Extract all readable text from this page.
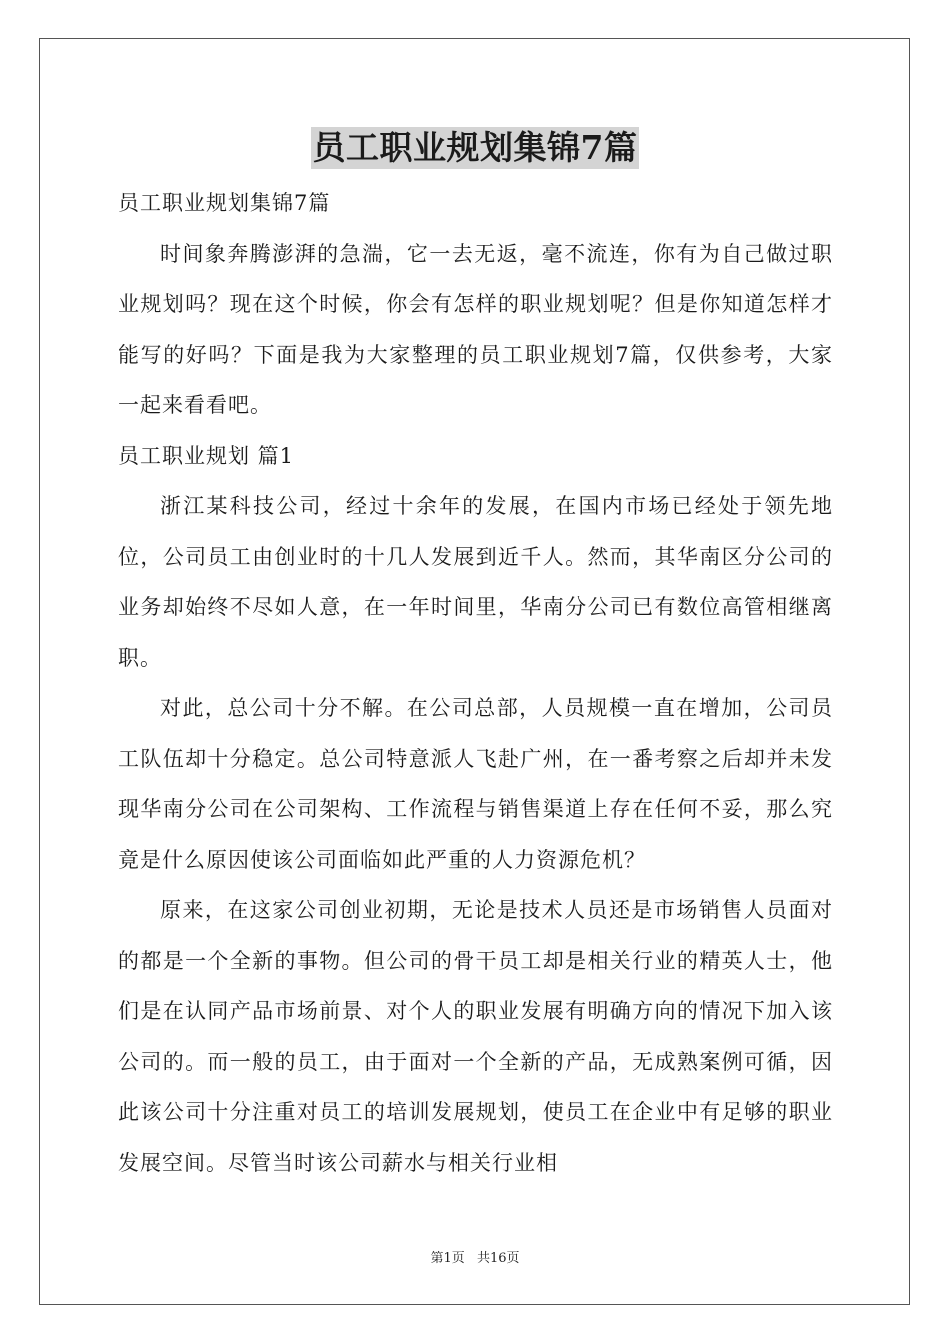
员工职业规划集锦7篇

员工职业规划集锦7篇

时间象奔腾澎湃的急湍，它一去无返，毫不流连，你有为自己做过职业规划吗？现在这个时候，你会有怎样的职业规划呢？但是你知道怎样才能写的好吗？下面是我为大家整理的员工职业规划7篇，仅供参考，大家一起来看看吧。

员工职业规划 篇1

浙江某科技公司，经过十余年的发展，在国内市场已经处于领先地位，公司员工由创业时的十几人发展到近千人。然而，其华南区分公司的业务却始终不尽如人意，在一年时间里，华南分公司已有数位高管相继离职。

对此，总公司十分不解。在公司总部，人员规模一直在增加，公司员工队伍却十分稳定。总公司特意派人飞赴广州，在一番考察之后却并未发现华南分公司在公司架构、工作流程与销售渠道上存在任何不妥，那么究竟是什么原因使该公司面临如此严重的人力资源危机？

原来，在这家公司创业初期，无论是技术人员还是市场销售人员面对的都是一个全新的事物。但公司的骨干员工却是相关行业的精英人士，他们是在认同产品市场前景、对个人的职业发展有明确方向的情况下加入该公司的。而一般的员工，由于面对一个全新的产品，无成熟案例可循，因此该公司十分注重对员工的培训发展规划，使员工在企业中有足够的职业发展空间。尽管当时该公司薪水与相关行业相

第1页 共16页
